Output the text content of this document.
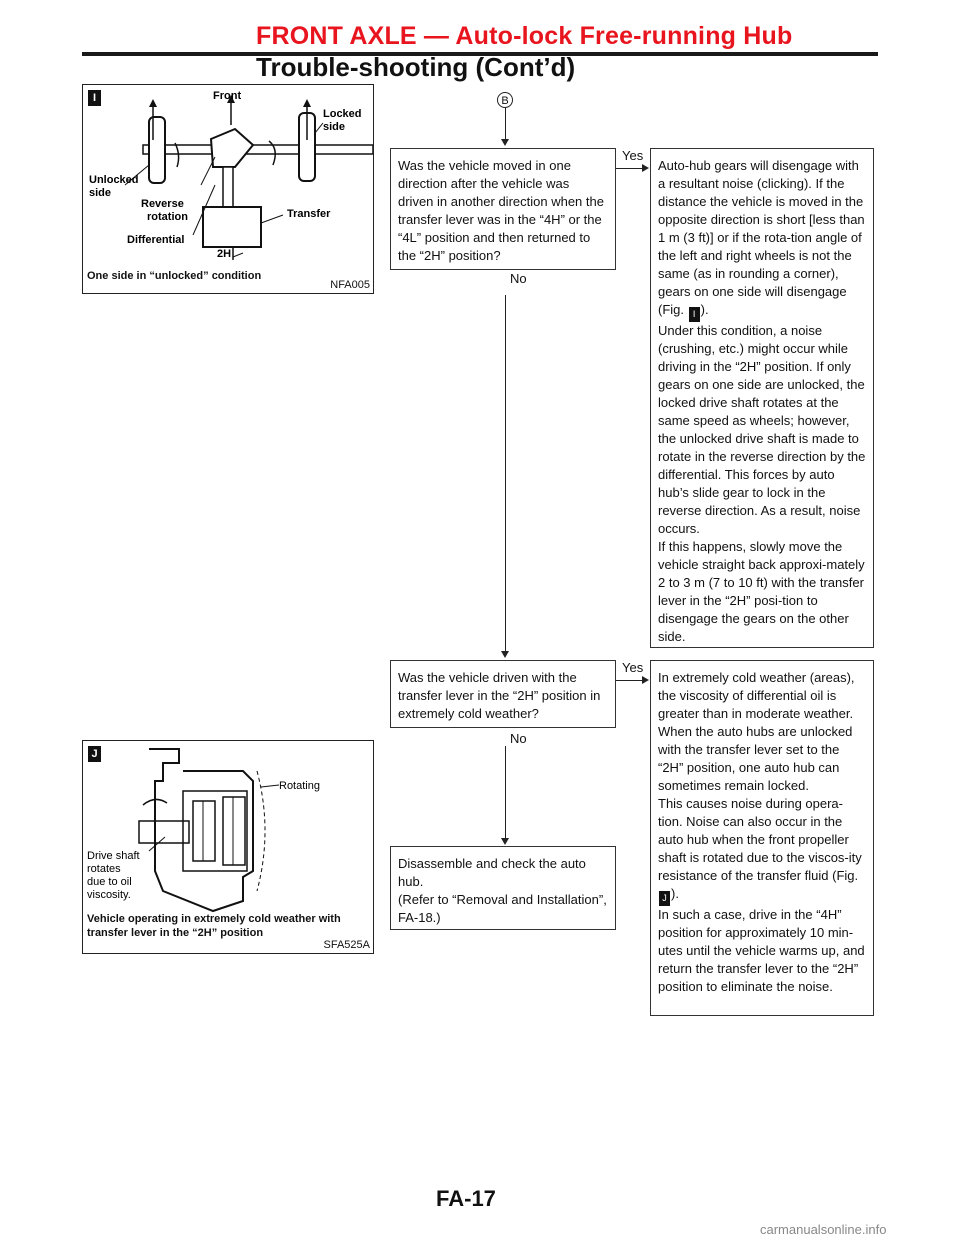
FRONT AXLE — Auto-lock Free-running Hub
Trouble-shooting (Cont’d)
I	Front
Locked
side
Unlocked
side
Reverse
rotation	Transfer
Differential
2H
One side in “unlocked” condition
NFA005
J
Rotating
Drive shaft
rotates
due to oil
viscosity.
Vehicle operating in extremely cold weather with
transfer lever in the “2H” position
SFA525A
B

Was the vehicle moved in one direction after the vehicle was driven in another direction when the transfer lever was in the “4H” or the “4L” position and then returned to the “2H” position?

Yes
No

Auto-hub gears will disengage with a resultant noise (clicking). If the distance the vehicle is moved in the opposite direction is short [less than 1 m (3 ft)] or if the rota-tion angle of the left and right wheels is not the same (as in rounding a corner), gears on one side will disengage (Fig. I ).

Under this condition, a noise (crushing, etc.) might occur while driving in the “2H” position. If only gears on one side are unlocked, the locked drive shaft rotates at the same speed as wheels; however, the unlocked drive shaft is made to rotate in the reverse direction by the differential. This forces by auto hub’s slide gear to lock in the reverse direction. As a result, noise occurs.

If this happens, slowly move the vehicle straight back approxi-mately 2 to 3 m (7 to 10 ft) with the transfer lever in the “2H” posi-tion to disengage the gears on the other side.

Was the vehicle driven with the transfer lever in the “2H” position in extremely cold weather?

Yes
No

In extremely cold weather (areas), the viscosity of differential oil is greater than in moderate weather. When the auto hubs are unlocked with the transfer lever set to the “2H” position, one auto hub can sometimes remain locked.

This causes noise during opera-tion. Noise can also occur in the auto hub when the front propeller shaft is rotated due to the viscos-ity resistance of the transfer fluid (Fig. J ).

In such a case, drive in the “4H” position for approximately 10 min-utes until the vehicle warms up, and return the transfer lever to the “2H” position to eliminate the noise.

Disassemble and check the auto hub.

(Refer to “Removal and Installation”, FA-18.)

FA-17
carmanualsonline.info
